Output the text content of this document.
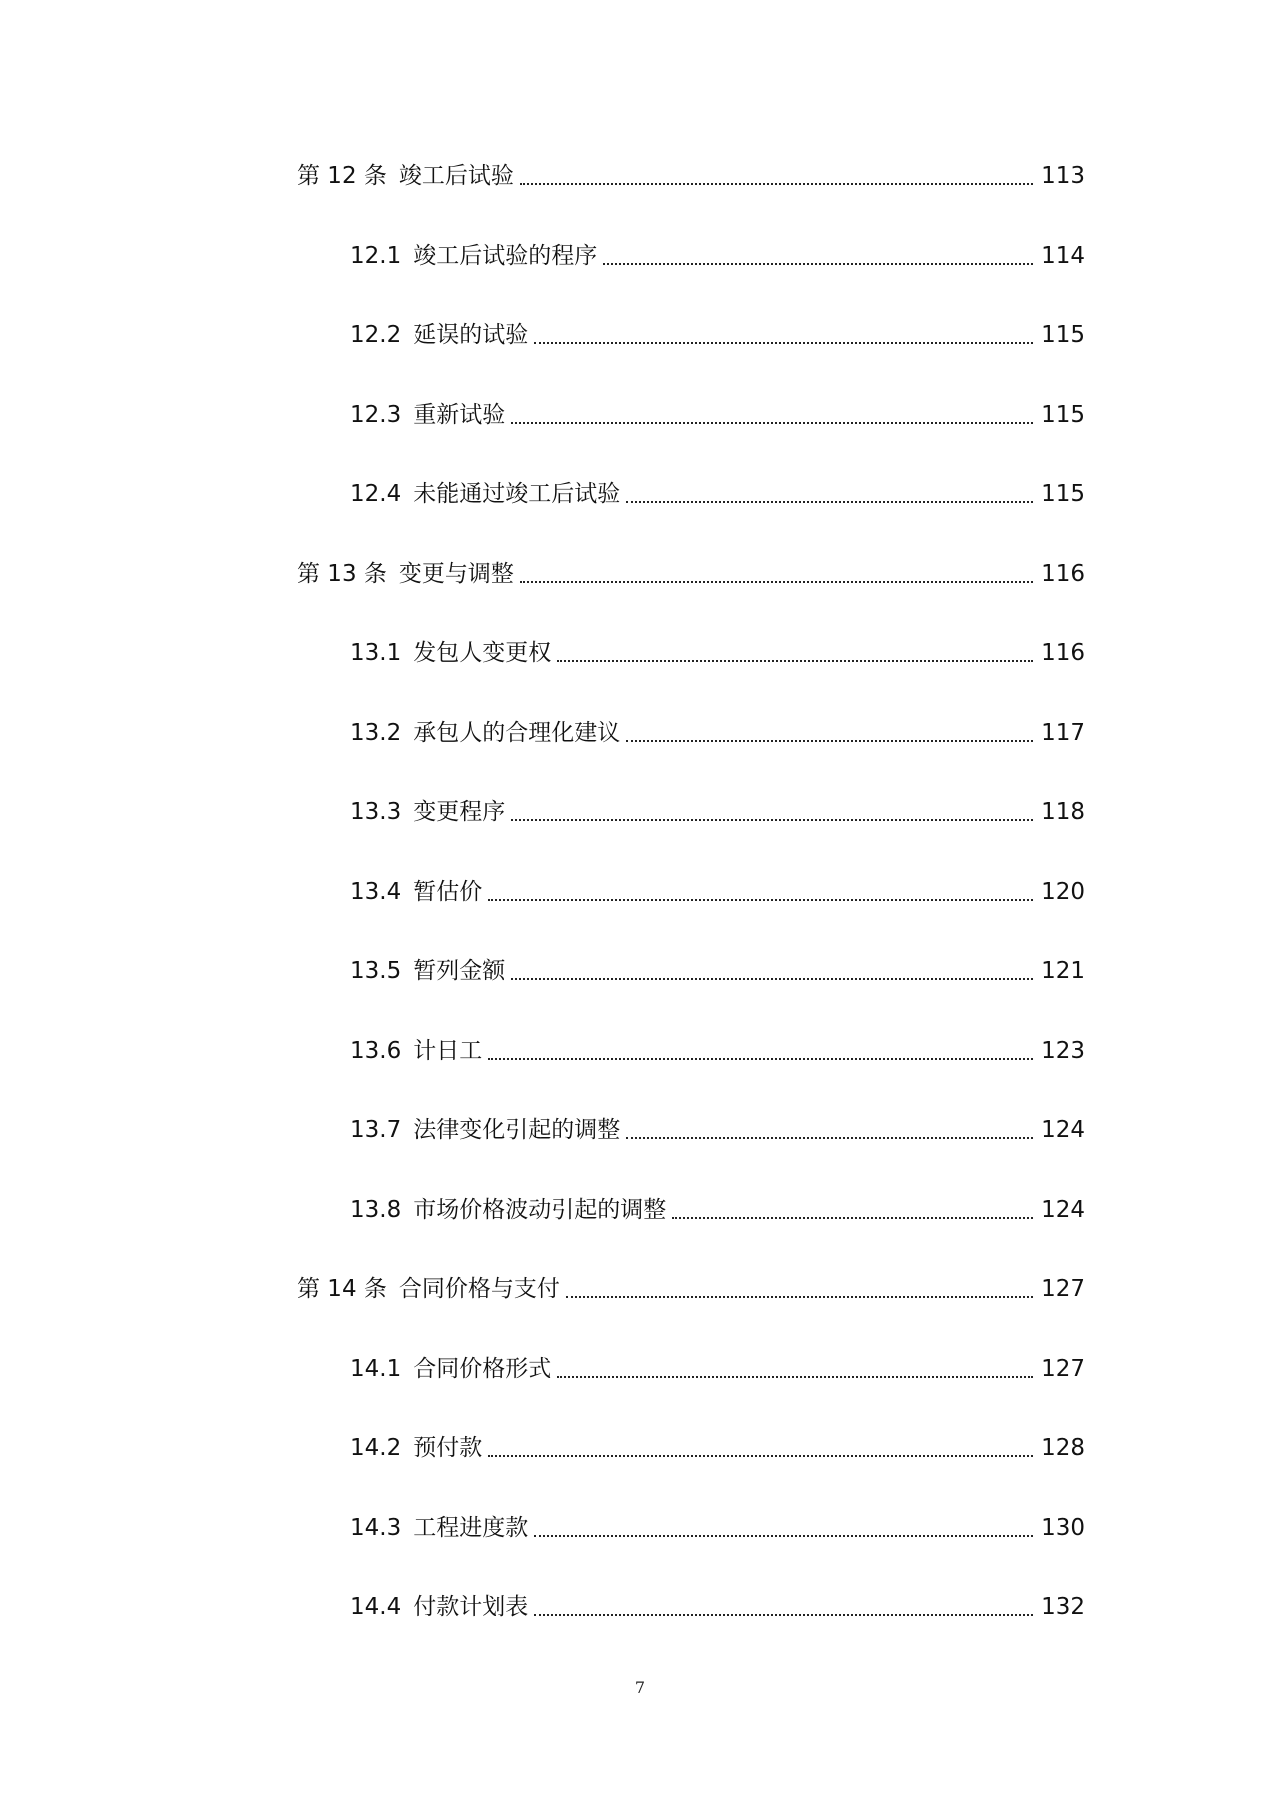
第 12 条 竣工后试验	113
12.1 竣工后试验的程序	114
12.2 延误的试验	115
12.3 重新试验	115
12.4 未能通过竣工后试验	115
第 13 条 变更与调整	116
13.1 发包人变更权	116
13.2 承包人的合理化建议	117
13.3 变更程序	118
13.4 暂估价	120
13.5 暂列金额	121
13.6 计日工	123
13.7 法律变化引起的调整	124
13.8 市场价格波动引起的调整	124
第 14 条 合同价格与支付	127
14.1 合同价格形式	127
14.2 预付款	128
14.3 工程进度款	130
14.4 付款计划表	132
7
